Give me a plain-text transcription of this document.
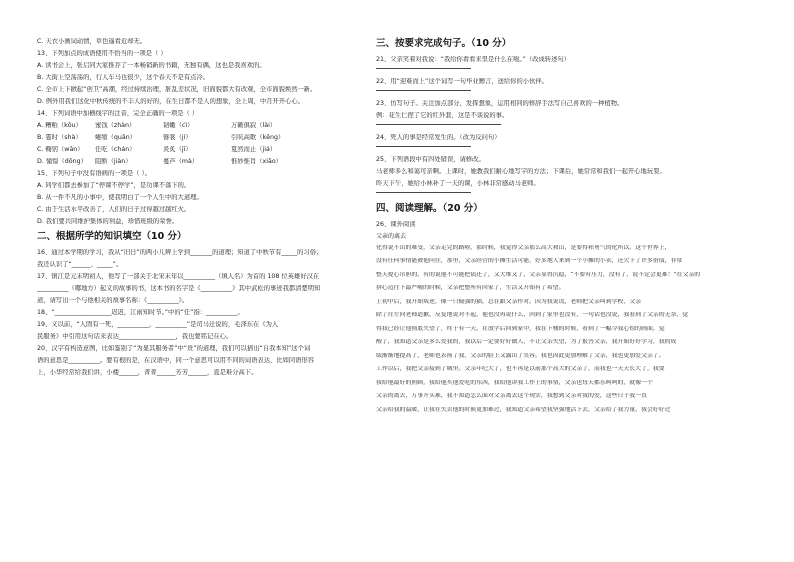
C. 天衣小画词动情，草色遥看近却无。
13、下列加点的成语使用不恰当的一项是（ ）
A. 读书会上，张启同大家推荐了一本畅销新的书籍，无独有偶，这也是我喜欢的。
B. 大街上空荡荡的，行人车马也很少，这个春天不是有点冷。
C. 全市上下掀起“创卫”高潮，经过持续治理，脏乱差状况，旧面貌都大有改观，全市面貌焕然一新。
D. 例外用我们这化中秋传统的不丰人的好的，在生日都不是人的想象，全上周，中月开开心心。
14、下列词语中加横线字的注音，完全正确的一项是（ ）
A. 糟粕（kōu）	蜜饯（zhàn）	韧嫩（cì）	万籁俱寂（lài）
B. 霎时（shà）	蜷缩（quān）	簪裳（jí）	引吭高歌（kēng）
C. 鞠躬（wān）	任吃（chán）	炎炙（jī）	夏然而止（jiá）
D. 憧憬（dǒng）	阻断（jiàn）	蔓芦（mà）	惟妙惟肖（xiāo）
15、下列句子中没有语病的一项是（ ）。
A. 同学们都去参加了“停课不停学”，是功课不落下的。
B. 从一件不凡的小事中，使我明白了一个人生中的大道理。
C. 由于生活水平改善了，人们的日子过得越过越红火。
D. 我们要共同维护集体的利益，珍惜班级的荣誉。
二、根据所学的知识填空（10 分）
16、通过本学期的学习，我从“旧日”的两小儿辨上学到_______的道理；知道了中秋节有_____的习俗；
我还认识了“______、_____”。
17、镇江是元末明初人，他写了一部关于北宋末年以__________（填人名）为首的 108 位英雄好汉在
__________（哪地方）起义的故事的书，这本书的名字是《__________》其中武松的事迹我都清楚明知
道，请写出一个与他相关的故事名称：《__________》。
18、“__________________迟迟，江雨知时节。”中的“任”指：__________。
19、又以前，“人固有一死，__________，__________”是司马迁说的，毛泽东在《为人
民服务》中引用这句话来表达__________________，我也要铭记在心。
20、汉字有构造意图，比如鉴别了“为显其服务者”中“贵”的道理，我们可以猜出“自我本知”这个词
语的意思是__________。要有根的是，在汉语中，同一个意思可以用不同的词语表达，比如同语形容
上，小华经常给我们讲，小楼______，菁菁______芳芳______，直是难分高下。
三、按要求完成句子。（10 分）
21、父亲笑着对我说：“我给你看看来里是什么在啦。”（改成转述句）
22、用“迎难而上”这个词写一句毕业赠言，送给你的小伙伴。
23、仿写句子。关注加点部分，发挥想象，运用相同的修辞手法写自己喜欢的一种植物。
例：花生仁捏了它的红外套，这是不谈说的事。
24、死人的事是经常发生的。（改为反问句）
25、下列语段中有四处错误，请修改。
马老师多么和蔼可亲啊。上课时，她教我们耐心地写字的方法；下课后，她常常和我们一起开心地玩耍。
昨天下午，她给小林补了一天的课，小林非常感动马老师。
四、阅读理解。（20 分）
26、课外阅读
父亲的离去
化得说不出的难受，父亲走完的路啦，那时候，我觉得父亲那么高大和山，是要得和勇气的化所以。这个世界上，
没有任何事情能被他问住，那里，父亲经营的小摊生活可能，好多地人来到一个小摊的小卖，还欠下了许多借债，非常
整天提心吊胆的，有的说他不可能把债还了，又大堆又了，父亲显得沉稳，“不要有压力，没有了，说不定会更难！”在父亲的
拼心迈往下最严峻的时候，父亲把整所有回家了，生活又开始有了希望。
上初中后，我开始叛逆，像一只倔强的猫，总在跟父亲作对。因为我说谎，老师把父亲叫到学校，父亲
除了往左向老师道歉，反复地说对不起，他也没再说什么，回到了家里也没有，一句话也没说，我看到了父亲的无奈，觉
得我已经让他彻底失望了，终于有一天，在放学后回到家中，我在下楼的时候，看到了一幅令我心惊的画面，觉
醒了，我知道父亲是多么爱我的，我以后一定要好好做人，不让父亲失望，为了报答父亲，我开始好好学习，我的成
绩渐渐地提高了，老师也表扬了我，父亲的脸上又露出了笑容。我也因此更加理解了父亲，我也更加爱父亲了。
工作以后，我把父亲接到了城里。父亲年纪大了，也不再是以前那个高大的父亲了，而我也一天天长大了，我要
我给他最好的照顾，我给他买他爱吃的东西，我给他讲我工作上的事情，父亲也每天都乐呵呵的，就像一个
父亲的离去，万事开头难，我不知道怎么面对父亲离去这个现实，我想到父亲对我的爱，这些日子我一直
父亲给我的温暖，让我在失去他的时候更加难过，我知道父亲希望我坚强地活下去，父亲给了我力量。我会好好过
